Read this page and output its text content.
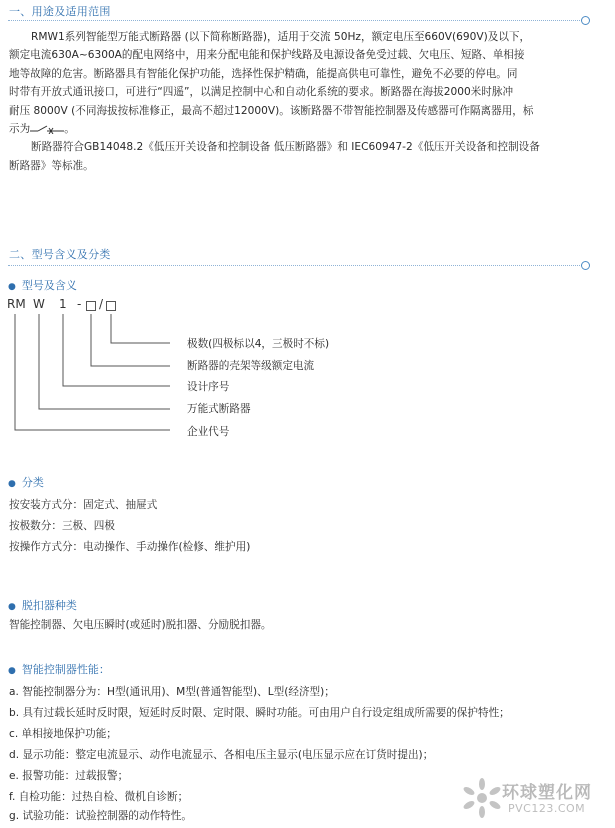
一、用途及适用范围

RMW1系列智能型万能式断路器 (以下简称断路器)，适用于交流 50Hz，额定电压至660V(690V)及以下，

额定电流630A~6300A的配电网络中，用来分配电能和保护线路及电源设备免受过载、欠电压、短路、单相接

地等故障的危害。断路器具有智能化保护功能，选择性保护精确，能提高供电可靠性，避免不必要的停电。同

时带有开放式通讯接口，可进行“四遥”，以满足控制中心和自动化系统的要求。断路器在海拔2000米时脉冲

耐压 8000V (不同海拔按标准修正，最高不超过12000V)。该断路器不带智能控制器及传感器可作隔离器用，标

示为	。

断路器符合GB14048.2《低压开关设备和控制设备 低压断路器》和 IEC60947-2《低压开关设备和控制设备

断路器》等标准。

二、型号含义及分类
● 型号及含义
RM W 1 - /
极数(四极标以4，三极时不标)
断路器的壳架等级额定电流
设计序号
万能式断路器
企业代号
● 分类
按安装方式分：固定式、抽屉式
按极数分：三极、四极
按操作方式分：电动操作、手动操作(检修、维护用)
● 脱扣器种类
智能控制器、欠电压瞬时(或延时)脱扣器、分励脱扣器。
● 智能控制器性能：
a. 智能控制器分为：H型(通讯用)、M型(普通智能型)、L型(经济型)；
b. 具有过载长延时反时限，短延时反时限、定时限、瞬时功能。可由用户自行设定组成所需要的保护特性；
c. 单相接地保护功能；
d. 显示功能：整定电流显示、动作电流显示、各相电压主显示(电压显示应在订货时提出)；
e. 报警功能：过载报警；
f. 自检功能：过热自检、微机自诊断；
g. 试验功能：试验控制器的动作特性。
环球塑化网
PVC123.COM
